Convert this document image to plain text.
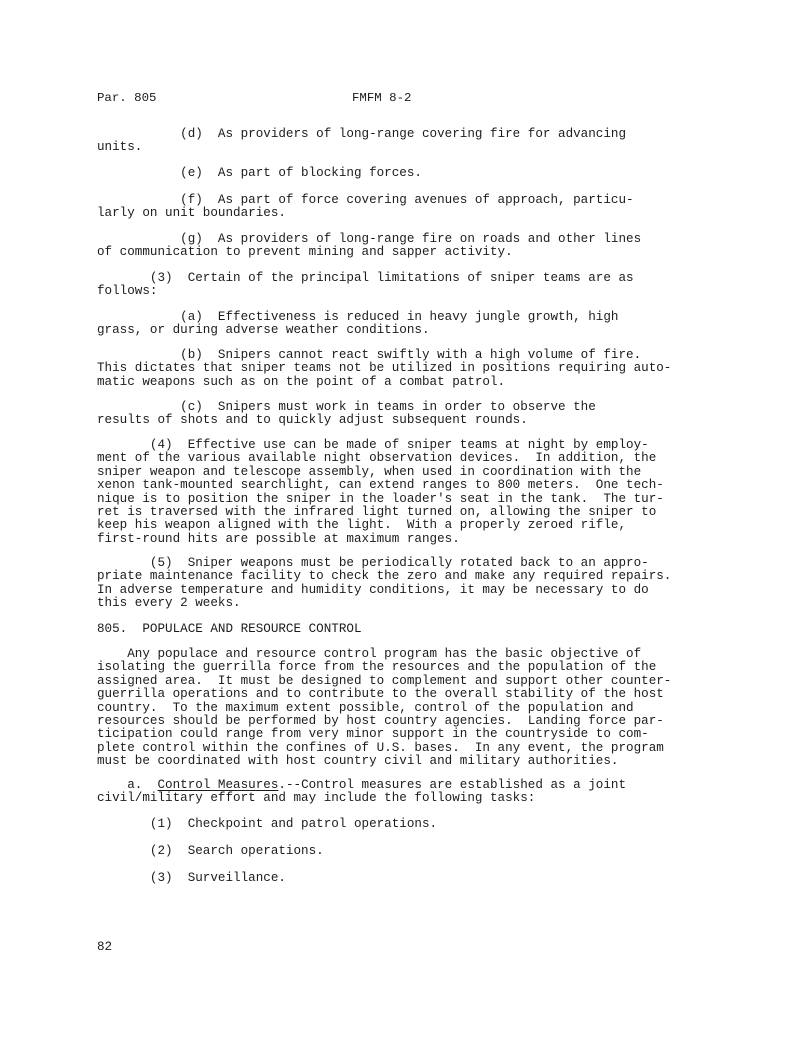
Par. 805	FMFM 8-2
(d)  As providers of long-range covering fire for advancing
units.
(e)  As part of blocking forces.
(f)  As part of force covering avenues of approach, particu-
larly on unit boundaries.
(g)  As providers of long-range fire on roads and other lines
of communication to prevent mining and sapper activity.
(3)  Certain of the principal limitations of sniper teams are as
follows:
(a)  Effectiveness is reduced in heavy jungle growth, high
grass, or during adverse weather conditions.
(b)  Snipers cannot react swiftly with a high volume of fire.
This dictates that sniper teams not be utilized in positions requiring auto-
matic weapons such as on the point of a combat patrol.
(c)  Snipers must work in teams in order to observe the
results of shots and to quickly adjust subsequent rounds.
(4)  Effective use can be made of sniper teams at night by employ-
ment of the various available night observation devices.  In addition, the
sniper weapon and telescope assembly, when used in coordination with the
xenon tank-mounted searchlight, can extend ranges to 800 meters.  One tech-
nique is to position the sniper in the loader's seat in the tank.  The tur-
ret is traversed with the infrared light turned on, allowing the sniper to
keep his weapon aligned with the light.  With a properly zeroed rifle,
first-round hits are possible at maximum ranges.
(5)  Sniper weapons must be periodically rotated back to an appro-
priate maintenance facility to check the zero and make any required repairs.
In adverse temperature and humidity conditions, it may be necessary to do
this every 2 weeks.
805.  POPULACE AND RESOURCE CONTROL
Any populace and resource control program has the basic objective of
isolating the guerrilla force from the resources and the population of the
assigned area.  It must be designed to complement and support other counter-
guerrilla operations and to contribute to the overall stability of the host
country.  To the maximum extent possible, control of the population and
resources should be performed by host country agencies.  Landing force par-
ticipation could range from very minor support in the countryside to com-
plete control within the confines of U.S. bases.  In any event, the program
must be coordinated with host country civil and military authorities.
a.  Control Measures.--Control measures are established as a joint
civil/military effort and may include the following tasks:
(1)  Checkpoint and patrol operations.
(2)  Search operations.
(3)  Surveillance.
82
